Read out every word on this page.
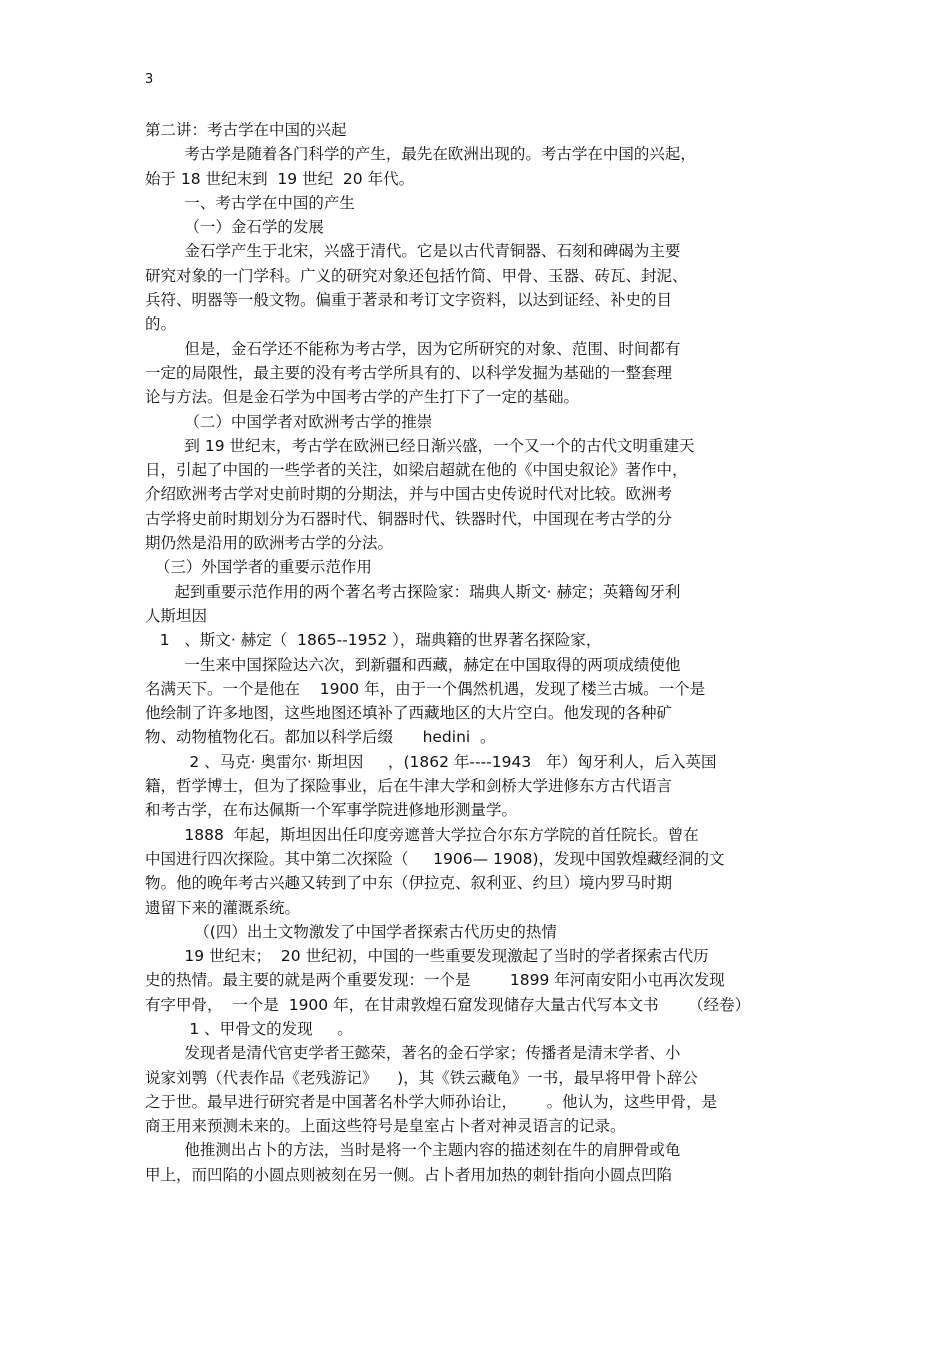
3
第二讲：考古学在中国的兴起
考古学是随着各门科学的产生，最先在欧洲出现的。考古学在中国的兴起，
始于 18 世纪末到  19 世纪  20 年代。
一、考古学在中国的产生
（一）金石学的发展
金石学产生于北宋，兴盛于清代。它是以古代青铜器、石刻和碑碣为主要
研究对象的一门学科。广义的研究对象还包括竹简、甲骨、玉器、砖瓦、封泥、
兵符、明器等一般文物。偏重于著录和考订文字资料，以达到证经、补史的目
的。
但是，金石学还不能称为考古学，因为它所研究的对象、范围、时间都有
一定的局限性，最主要的没有考古学所具有的、以科学发掘为基础的一整套理
论与方法。但是金石学为中国考古学的产生打下了一定的基础。
（二）中国学者对欧洲考古学的推崇
到 19 世纪末，考古学在欧洲已经日渐兴盛，一个又一个的古代文明重建天
日，引起了中国的一些学者的关注，如梁启超就在他的《中国史叙论》著作中，
介绍欧洲考古学对史前时期的分期法，并与中国古史传说时代对比较。欧洲考
古学将史前时期划分为石器时代、铜器时代、铁器时代，中国现在考古学的分
期仍然是沿用的欧洲考古学的分法。
（三）外国学者的重要示范作用
起到重要示范作用的两个著名考古探险家：瑞典人斯文· 赫定；英籍匈牙利
人斯坦因
1   、斯文· 赫定（  1865--1952 ），瑞典籍的世界著名探险家，
一生来中国探险达六次，到新疆和西藏，赫定在中国取得的两项成绩使他
名满天下。一个是他在    1900 年，由于一个偶然机遇，发现了楼兰古城。一个是
他绘制了许多地图，这些地图还填补了西藏地区的大片空白。他发现的各种矿
物、动物植物化石。都加以科学后缀      hedini  。
2 、马克· 奥雷尔· 斯坦因     ，(1862 年----1943   年）匈牙利人，后入英国
籍，哲学博士，但为了探险事业，后在牛津大学和剑桥大学进修东方古代语言
和考古学，在布达佩斯一个军事学院进修地形测量学。
1888  年起，斯坦因出任印度旁遮普大学拉合尔东方学院的首任院长。曾在
中国进行四次探险。其中第二次探险（     1906— 1908)，发现中国敦煌藏经洞的文
物。他的晚年考古兴趣又转到了中东（伊拉克、叙利亚、约旦）境内罗马时期
遗留下来的灌溉系统。
（(四）出土文物激发了中国学者探索古代历史的热情
19 世纪末；  20 世纪初，中国的一些重要发现激起了当时的学者探索古代历
史的热情。最主要的就是两个重要发现：一个是        1899 年河南安阳小屯再次发现
有字甲骨，  一个是  1900 年，在甘肃敦煌石窟发现储存大量古代写本文书      （经卷）
1 、甲骨文的发现     。
发现者是清代官吏学者王懿荣，著名的金石学家；传播者是清末学者、小
说家刘鹗（代表作品《老残游记》    )，其《铁云藏龟》一书，最早将甲骨卜辞公
之于世。最早进行研究者是中国著名朴学大师孙诒让，      。他认为，这些甲骨，是
商王用来预测未来的。上面这些符号是皇室占卜者对神灵语言的记录。
他推测出占卜的方法，当时是将一个主题内容的描述刻在牛的肩胛骨或龟
甲上，而凹陷的小圆点则被刻在另一侧。占卜者用加热的刺针指向小圆点凹陷
